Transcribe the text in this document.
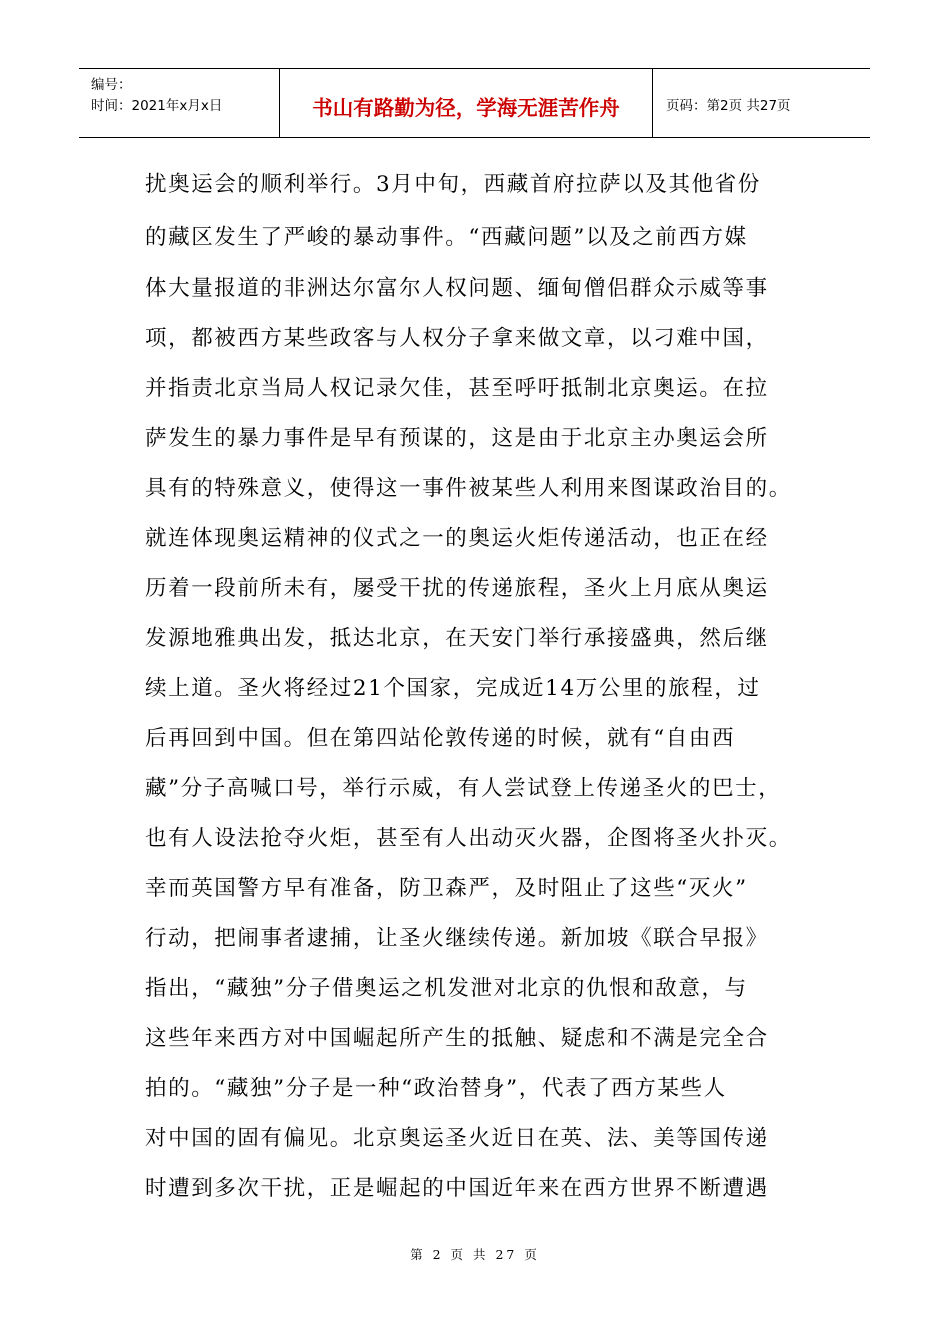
编号：
时间：2021年x月x日	书山有路勤为径，学海无涯苦作舟	页码：第2页 共27页
扰奥运会的顺利举行。3月中旬，西藏首府拉萨以及其他省份
的藏区发生了严峻的暴动事件。“西藏问题”以及之前西方媒
体大量报道的非洲达尔富尔人权问题、缅甸僧侣群众示威等事
项，都被西方某些政客与人权分子拿来做文章，以刁难中国，
并指责北京当局人权记录欠佳，甚至呼吁抵制北京奥运。在拉
萨发生的暴力事件是早有预谋的，这是由于北京主办奥运会所
具有的特殊意义，使得这一事件被某些人利用来图谋政治目的。
就连体现奥运精神的仪式之一的奥运火炬传递活动，也正在经
历着一段前所未有，屡受干扰的传递旅程，圣火上月底从奥运
发源地雅典出发，抵达北京，在天安门举行承接盛典，然后继
续上道。圣火将经过21个国家，完成近14万公里的旅程，过
后再回到中国。但在第四站伦敦传递的时候，就有“自由西
藏”分子高喊口号，举行示威，有人尝试登上传递圣火的巴士，
也有人设法抢夺火炬，甚至有人出动灭火器，企图将圣火扑灭。
幸而英国警方早有准备，防卫森严，及时阻止了这些“灭火”
行动，把闹事者逮捕，让圣火继续传递。新加坡《联合早报》
指出，“藏独”分子借奥运之机发泄对北京的仇恨和敌意，与
这些年来西方对中国崛起所产生的抵触、疑虑和不满是完全合
拍的。“藏独”分子是一种“政治替身”，代表了西方某些人
对中国的固有偏见。北京奥运圣火近日在英、法、美等国传递
时遭到多次干扰，正是崛起的中国近年来在西方世界不断遭遇
第 2 页 共 27 页
